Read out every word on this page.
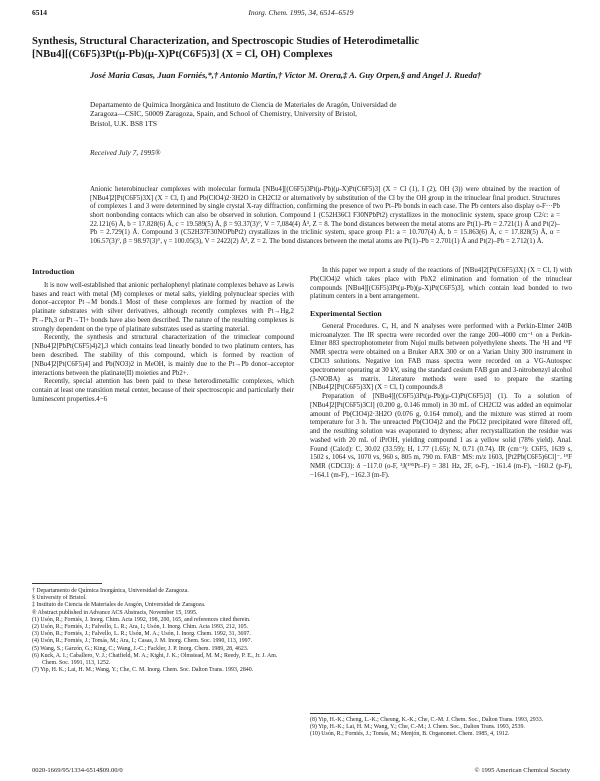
6514	Inorg. Chem. 1995, 34, 6514–6519
Synthesis, Structural Characterization, and Spectroscopic Studies of Heterodimetallic
[NBu4][(C6F5)3Pt(μ-Pb)(μ-X)Pt(C6F5)3] (X = Cl, OH) Complexes
José Maria Casas, Juan Forniés,*,† Antonio Martin,† Victor M. Orera,‡ A. Guy Orpen,§ and Angel J. Rueda†
Departamento de Química Inorgánica and Instituto de Ciencia de Materiales de Aragón, Universidad de
Zaragoza—CSIC, 50009 Zaragoza, Spain, and School of Chemistry, University of Bristol,
Bristol, U.K. BS8 1TS
Received July 7, 1995®
Anionic heterobinuclear complexes with molecular formula [NBu4][(C6F5)3Pt(μ-Pb)(μ-X)Pt(C6F5)3] (X = Cl (1), I (2), OH (3)) were obtained by the reaction of [NBu4]2[Pt(C6F5)3X] (X = Cl, I) and Pb(ClO4)2·3H2O in CH2Cl2 or alternatively by substitution of the Cl by the OH group in the trinuclear final product. Structures of complexes 1 and 3 were determined by single crystal X-ray diffraction, confirming the presence of two Pt–Pb bonds in each case. The Pb centers also display o-F···Pb short nonbonding contacts which can also be observed in solution. Compound 1 (C52H36Cl F30NPbPt2) crystallizes in the monoclinic system, space group C2/c: a = 22.121(6) Å, b = 17.828(6) Å, c = 19.589(5) Å, β = 93.37(3)°, V = 7,084(4) Å³, Z = 8. The bond distances between the metal atoms are Pt(1)–Pb = 2.721(1) Å and Pt(2)–Pb = 2.729(1) Å. Compound 3 (C52H37F30NOPbPt2) crystallizes in the triclinic system, space group P1: a = 10.707(4) Å, b = 15.863(6) Å, c = 17.828(5) Å, α = 106.57(3)°, β = 98.97(3)°, γ = 100.05(3), V = 2422(2) Å³, Z = 2. The bond distances between the metal atoms are Pt(1)–Pb = 2.701(1) Å and Pt(2)–Pb = 2.712(1) Å.
Introduction

It is now well-established that anionic perhalophenyl platinate complexes behave as Lewis bases and react with metal (M) complexes or metal salts, yielding polynuclear species with donor–acceptor Pt→M bonds.1 Most of these complexes are formed by reaction of the platinate substrates with silver derivatives, although recently complexes with Pt→Hg,2 Pt→Ph,3 or Pt→Tl+ bonds have also been described. The nature of the resulting complexes is strongly dependent on the type of platinate substrates used as starting material.

Recently, the synthesis and structural characterization of the trinuclear compound [NBu4]2[PbPt(C6F5)4)2],3 which contains lead linearly bonded to two platinum centers, has been described. The stability of this compound, which is formed by reaction of [NBu4]2[Pt(C6F5)4] and Pb(NO3)2 in MeOH, is mainly due to the Pt→Pb donor–acceptor interactions between the platinate(II) moieties and Pb2+.

Recently, special attention has been paid to these heterodimetallic complexes, which contain at least one transition metal center, because of their spectroscopic and particularly their luminescent properties.4−6

† Departamento de Química Inorgánica, Universidad de Zaragoza.
§ University of Bristol.
‡ Instituto de Ciencia de Materiales de Aragón, Universidad de Zaragoza.
® Abstract published in Advance ACS Abstracts, November 15, 1995.
(1) Usón, R.; Forniés, J. Inorg. Chim. Acta 1992, 198, 200, 165, and references cited therein.
(2) Usón, R.; Forniés, J.; Falvello, L. R.; Ara, I.; Usón, I. Inorg. Chim. Acta 1993, 212, 105.
(3) Usón, R.; Forniés, J.; Falvello, L. R.; Usón, M. A.; Usón, I. Inorg. Chem. 1992, 31, 3697.
(4) Usón, R.; Forniés, J.; Tomás, M.; Ara, I.; Casas, J. M. Inorg. Chem. Soc. 1990, 113, 1997.
(5) Wang, S.; Garzón, G.; King, C.; Wang, J.-C.; Fackler, J. P. Inorg. Chem. 1989, 28, 4623.
(6) Kuck, A. I.; Caballero, V. J.; Chatfield, M. A.; Kight, J. K.; Olmstead, M. M.; Reedy, P. E., Jr. J. Am. Chem. Soc. 1991, 113, 1252.
(7) Yip, H. K.; Lai, H. M.; Wang, Y.; Che, C. M. Inorg. Chem. Soc. Dalton Trans. 1993, 2840.

In this paper we report a study of the reactions of [NBu4]2[Pt(C6F5)3X] (X = Cl, I) with Pb(ClO4)2 which takes place with PbX2 elimination and formation of the trinuclear compounds [NBu4][(C6F5)3Pt(μ-Pb)(μ-X)Pt(C6F5)3], which contain lead bonded to two platinum centers in a bent arrangement.

Experimental Section

General Procedures. C, H, and N analyses were performed with a Perkin-Elmer 240B microanalyzer. The IR spectra were recorded over the range 200–4000 cm⁻¹ on a Perkin-Elmer 883 spectrophotometer from Nujol mulls between polyethylene sheets. The ¹H and ¹⁹F NMR spectra were obtained on a Bruker ARX 300 or on a Varian Unity 300 instrument in CDCl3 solutions. Negative ion FAB mass spectra were recorded on a VG-Autospec spectrometer operating at 30 kV, using the standard cesium FAB gun and 3-nitrobenzyl alcohol (3-NOBA) as matrix. Literature methods were used to prepare the starting [NBu4]2[Pt(C6F5)3X] (X = Cl, I) compounds.8

Preparation of [NBu4][(C6F5)3Pt(μ-Pb)(μ-Cl)Pt(C6F5)3] (1). To a solution of [NBu4]2[Pt(C6F5)3Cl] (0.200 g, 0.146 mmol) in 30 mL of CH2Cl2 was added an equimolar amount of Pb(ClO4)2·3H2O (0.076 g, 0.164 mmol), and the mixture was stirred at room temperature for 3 h. The unreacted Pb(ClO4)2 and the PbCl2 precipitated were filtered off, and the resulting solution was evaporated to dryness; after recrystallization the residue was washed with 20 mL of iPrOH, yielding compound 1 as a yellow solid (78% yield). Anal. Found (Calcd): C, 30.02 (33.59); H, 1.77 (1.65); N, 0.71 (0.74). IR (cm⁻¹): C6F5, 1639 s, 1502 s, 1064 vs, 1070 vs, 960 s, 805 m, 790 m. FAB⁻ MS: m/z 1603, [Pt2Pb(C6F5)6Cl]⁻. ¹⁹F NMR (CDCl3): δ −117.0 (o-F, ³J(¹⁹⁵Pt–F) = 381 Hz, 2F, o-F), −161.4 (m-F), −160.2 (p-F), −164.1 (m-F), −162.3 (m-F).

(8) Yip, H.-K.; Cheng, L.-K.; Cheung, K.-K.; Che, C.-M. J. Chem. Soc., Dalton Trans. 1993, 2933.
(9) Yip, H.-K.; Lai, H. M.; Wang, Y.; Che, C.-M.; J. Chem. Soc., Dalton Trans. 1993, 2539.
(10) Usón, R.; Forniés, J.; Tomás, M.; Menjón, B. Organomet. Chem. 1985, 4, 1912.
0020-1669/95/1334-6514$09.00/0	© 1995 American Chemical Society
